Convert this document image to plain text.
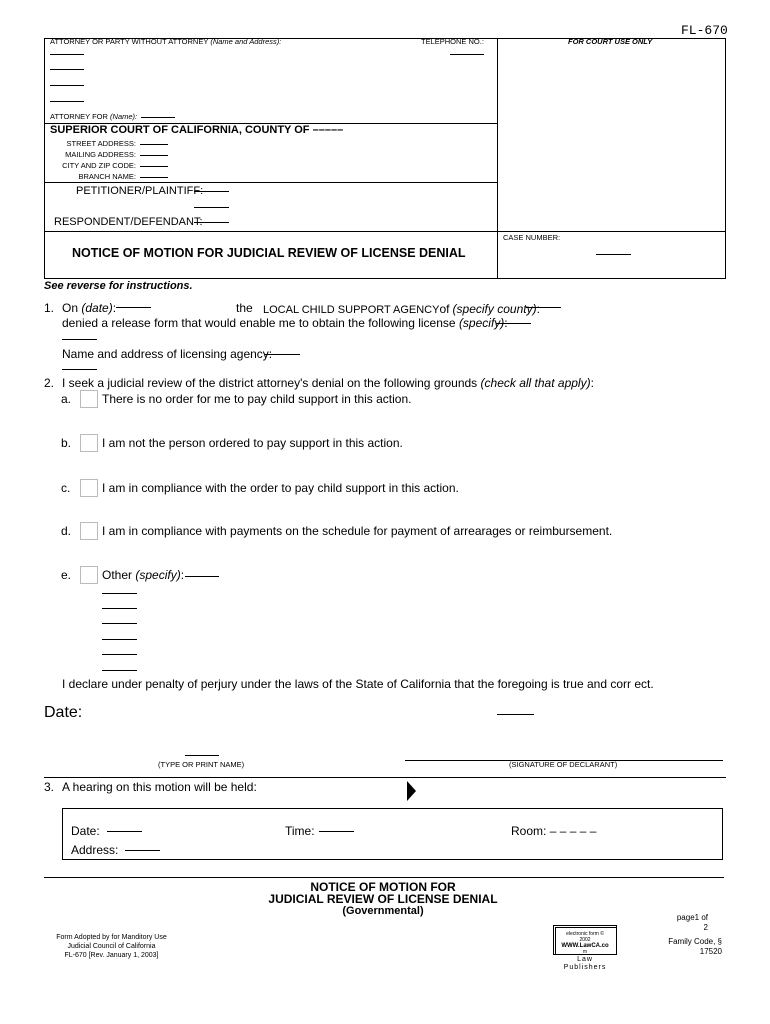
FL-670
ATTORNEY OR PARTY WITHOUT ATTORNEY (Name and Address):	TELEPHONE NO.:	FOR COURT USE ONLY
ATTORNEY FOR (Name):
SUPERIOR COURT OF CALIFORNIA, COUNTY OF –––––
STREET ADDRESS:
MAILING ADDRESS:
CITY AND ZIP CODE:
BRANCH NAME:
PETITIONER/PLAINTIFF:
RESPONDENT/DEFENDANT:
NOTICE OF MOTION FOR JUDICIAL REVIEW OF LICENSE DENIAL
CASE NUMBER:
See reverse for instructions.
1. On (date):	the LOCAL CHILD SUPPORT AGENCYof (specify county):
denied a release form that would enable me to obtain the following license (specify):
Name and address of licensing agency:
2. I seek a judicial review of the district attorney's denial on the following grounds (check all that apply):
a.	There is no order for me to pay child support in this action.
b.	I am not the person ordered to pay support in this action.
c.	I am in compliance with the order to pay child support in this action.
d.	I am in compliance with payments on the schedule for payment of arrearages or reimbursement.
e.	Other (specify):
I declare under penalty of perjury under the laws of the State of California that the foregoing is true and corr ect.
Date:
(TYPE OR PRINT NAME)	(SIGNATURE OF DECLARANT)
3. A hearing on this motion will be held:
Date:	Time:	Room: – – – – –
Address:
NOTICE OF MOTION FOR
JUDICIAL REVIEW OF LICENSE DENIAL
(Governmental)
page1 of
2
Form Adopted by for Manditory Use
Judicial Council of California
FL-670 [Rev. January 1, 2003]
electronic form ©
2002
WWW.LawCA.co
m
Law
Publishers
Family Code, §
17520
